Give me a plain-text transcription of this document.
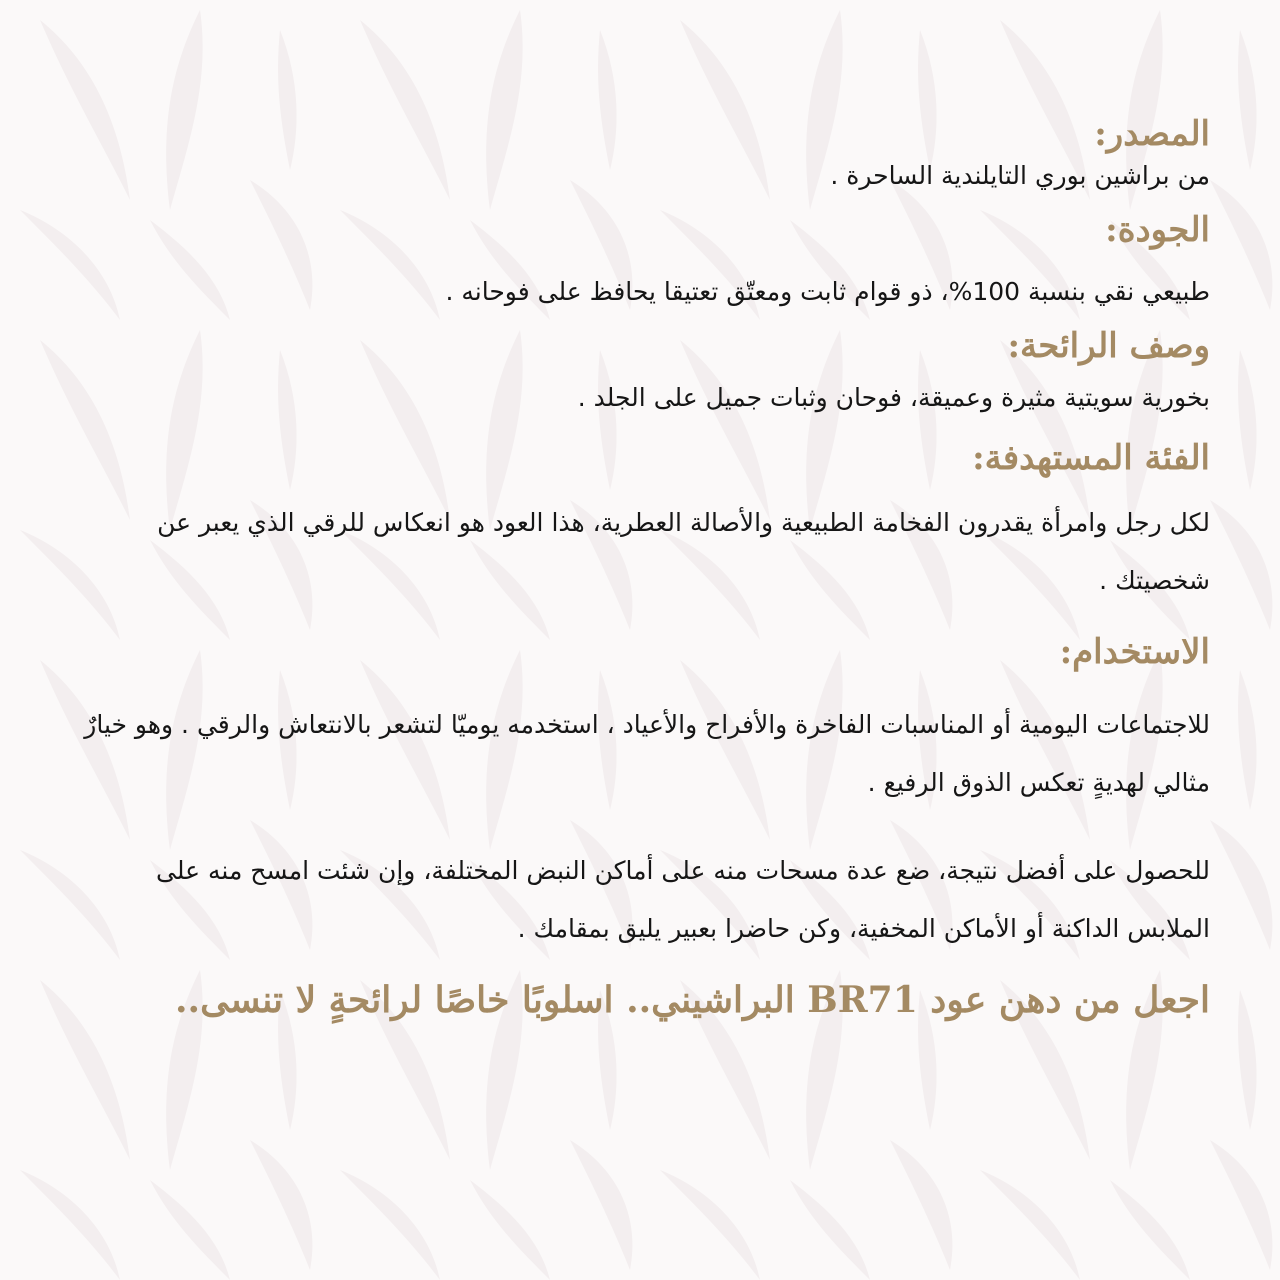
المصدر:

من براشين بوري التايلندية الساحرة .

الجودة:

طبيعي نقي بنسبة 100%، ذو قوام ثابت ومعتّق تعتيقا يحافظ على فوحانه .

وصف الرائحة:

بخورية سويتية مثيرة وعميقة، فوحان وثبات جميل على الجلد .

الفئة المستهدفة:

لكل رجل وامرأة يقدرون الفخامة الطبيعية والأصالة العطرية، هذا العود هو انعكاس للرقي الذي يعبر عن شخصيتك .

الاستخدام:

للاجتماعات اليومية أو المناسبات الفاخرة والأفراح والأعياد ، استخدمه يوميّا لتشعر بالانتعاش والرقي . وهو خيارٌ مثالي لهديةٍ تعكس الذوق الرفيع .

للحصول على أفضل نتيجة، ضع عدة مسحات منه على أماكن النبض المختلفة، وإن شئت امسح منه على الملابس الداكنة أو الأماكن المخفية، وكن حاضرا بعبير يليق بمقامك .

اجعل من دهن عود BR71 البراشيني.. اسلوبًا خاصًا لرائحةٍ لا تنسى..
